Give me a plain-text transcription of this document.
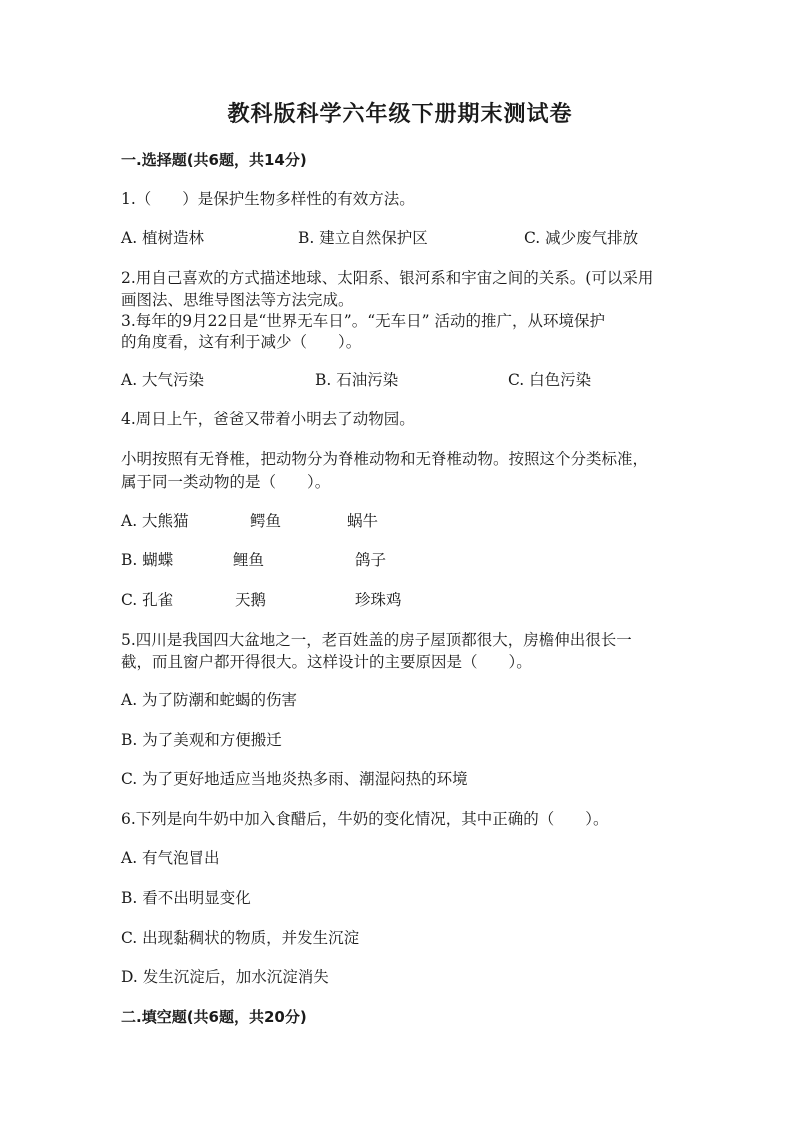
教科版科学六年级下册期末测试卷
一.选择题(共6题，共14分)
1.（　　）是保护生物多样性的有效方法。
A. 植树造林	B. 建立自然保护区	C. 减少废气排放
2.用自己喜欢的方式描述地球、太阳系、银河系和宇宙之间的关系。(可以采用
画图法、思维导图法等方法完成。
3.每年的9月22日是“世界无车日”。“无车日” 活动的推广，从环境保护
的角度看，这有利于减少（　　）。
A. 大气污染	B. 石油污染	C. 白色污染
4.周日上午，爸爸又带着小明去了动物园。
小明按照有无脊椎，把动物分为脊椎动物和无脊椎动物。按照这个分类标准，
属于同一类动物的是（　　）。
A. 大熊猫	鳄鱼	蜗牛
B. 蝴蝶	鲤鱼	鸽子
C. 孔雀	天鹅	珍珠鸡
5.四川是我国四大盆地之一，老百姓盖的房子屋顶都很大，房檐伸出很长一
截，而且窗户都开得很大。这样设计的主要原因是（　　）。
A. 为了防潮和蛇蝎的伤害
B. 为了美观和方便搬迁
C. 为了更好地适应当地炎热多雨、潮湿闷热的环境
6.下列是向牛奶中加入食醋后，牛奶的变化情况，其中正确的（　　）。
A. 有气泡冒出
B. 看不出明显变化
C. 出现黏稠状的物质，并发生沉淀
D. 发生沉淀后，加水沉淀消失
二.填空题(共6题，共20分)
